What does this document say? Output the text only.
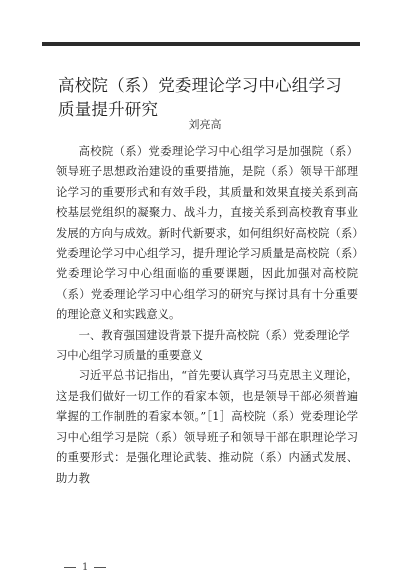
高校院（系）党委理论学习中心组学习质量提升研究
刘亮高

高校院（系）党委理论学习中心组学习是加强院（系）领导班子思想政治建设的重要措施，是院（系）领导干部理论学习的重要形式和有效手段，其质量和效果直接关系到高校基层党组织的凝聚力、战斗力，直接关系到高校教育事业发展的方向与成效。新时代新要求，如何组织好高校院（系）党委理论学习中心组学习，提升理论学习质量是高校院（系）党委理论学习中心组面临的重要课题，因此加强对高校院（系）党委理论学习中心组学习的研究与探讨具有十分重要的理论意义和实践意义。

一、教育强国建设背景下提升高校院（系）党委理论学习中心组学习质量的重要意义

习近平总书记指出，“首先要认真学习马克思主义理论，这是我们做好一切工作的看家本领，也是领导干部必须普遍掌握的工作制胜的看家本领。”［1］高校院（系）党委理论学习中心组学习是院（系）领导班子和领导干部在职理论学习的重要形式：是强化理论武装、推动院（系）内涵式发展、助力教

1
